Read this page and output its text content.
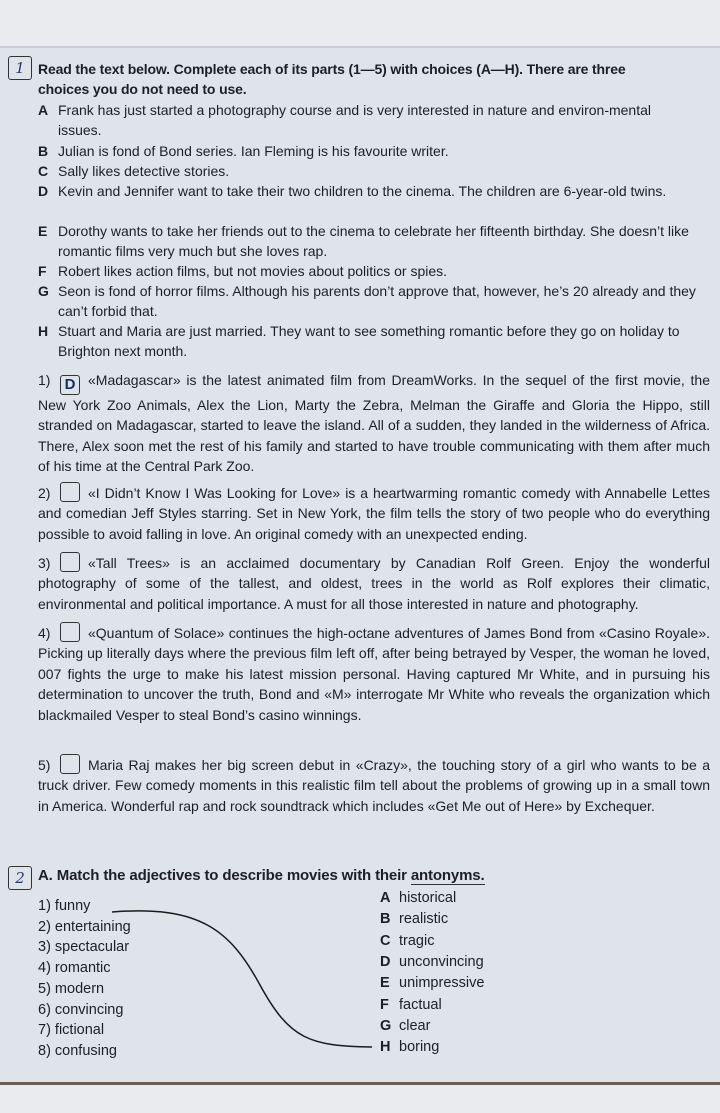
1 Read the text below. Complete each of its parts (1—5) with choices (A—H). There are three choices you do not need to use.
A Frank has just started a photography course and is very interested in nature and environ-mental issues.
B Julian is fond of Bond series. Ian Fleming is his favourite writer.
C Sally likes detective stories.
D Kevin and Jennifer want to take their two children to the cinema. The children are 6-year-old twins.
E Dorothy wants to take her friends out to the cinema to celebrate her fifteenth birthday. She doesn’t like romantic films very much but she loves rap.
F Robert likes action films, but not movies about politics or spies.
G Seon is fond of horror films. Although his parents don’t approve that, however, he’s 20 already and they can’t forbid that.
H Stuart and Maria are just married. They want to see something romantic before they go on holiday to Brighton next month.
1) D «Madagascar» is the latest animated film from DreamWorks. In the sequel of the first movie, the New York Zoo Animals, Alex the Lion, Marty the Zebra, Melman the Giraffe and Gloria the Hippo, still stranded on Madagascar, started to leave the island. All of a sudden, they landed in the wilderness of Africa. There, Alex soon met the rest of his family and started to have trouble communicating with them after much of his time at the Central Park Zoo.
2)	«I Didn’t Know I Was Looking for Love» is a heartwarming romantic comedy with Annabelle Lettes and comedian Jeff Styles starring. Set in New York, the film tells the story of two people who do everything possible to avoid falling in love. An original comedy with an unexpected ending.
3)	«Tall Trees» is an acclaimed documentary by Canadian Rolf Green. Enjoy the wonderful photography of some of the tallest, and oldest, trees in the world as Rolf explores their climatic, environmental and political importance. A must for all those interested in nature and photography.
4)	«Quantum of Solace» continues the high-octane adventures of James Bond from «Casino Royale». Picking up literally days where the previous film left off, after being betrayed by Vesper, the woman he loved, 007 fights the urge to make his latest mission personal. Having captured Mr White, and in pursuing his determination to uncover the truth, Bond and «M» interrogate Mr White who reveals the organization which blackmailed Vesper to steal Bond’s casino winnings.
5)	Maria Raj makes her big screen debut in «Crazy», the touching story of a girl who wants to be a truck driver. Few comedy moments in this realistic film tell about the problems of growing up in a small town in America. Wonderful rap and rock soundtrack which includes «Get Me out of Here» by Exchequer.
2 A. Match the adjectives to describe movies with their antonyms.
1) funny
2) entertaining
3) spectacular
4) romantic
5) modern
6) convincing
7) fictional
8) confusing
A historical
B realistic
C tragic
D unconvincing
E unimpressive
F factual
G clear
H boring
